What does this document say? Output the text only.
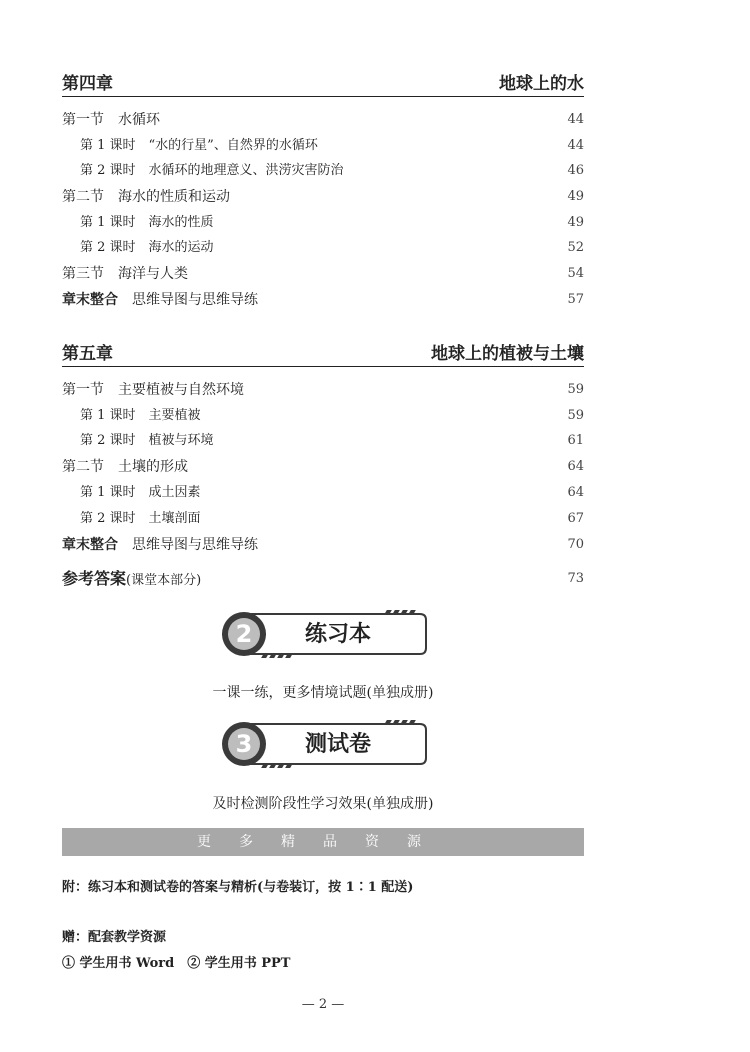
第四章	地球上的水
第一节　水循环	44
第 1 课时　“水的行星”、自然界的水循环	44
第 2 课时　水循环的地理意义、洪涝灾害防治	46
第二节　海水的性质和运动	49
第 1 课时　海水的性质	49
第 2 课时　海水的运动	52
第三节　海洋与人类	54
章末整合　 思维导图与思维导练	57
第五章	地球上的植被与土壤
第一节　主要植被与自然环境	59
第 1 课时　主要植被	59
第 2 课时　植被与环境	61
第二节　土壤的形成	64
第 1 课时　成土因素	64
第 2 课时　土壤剖面	67
章末整合　 思维导图与思维导练	70
参考答案(课堂本部分)	73
2 练习本
一课一练，更多情境试题(单独成册)
3 测试卷
及时检测阶段性学习效果(单独成册)
更多精品资源
附：练习本和测试卷的答案与精析(与卷装订，按 1∶1 配送)
赠：配套教学资源
① 学生用书 Word　② 学生用书 PPT
— 2 —
